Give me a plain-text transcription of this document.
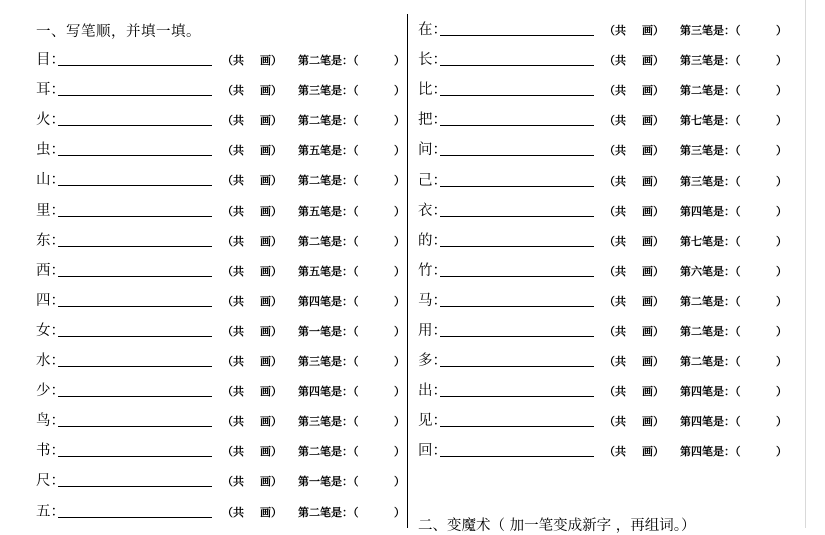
一、写笔顺，并填一填。
目：	（共 画） 第二笔是：（	）
耳：	（共 画） 第三笔是：（	）
火：	（共 画） 第二笔是：（	）
虫：	（共 画） 第五笔是：（	）
山：	（共 画） 第二笔是：（	）
里：	（共 画） 第五笔是：（	）
东：	（共 画） 第二笔是：（	）
西：	（共 画） 第五笔是：（	）
四：	（共 画） 第四笔是：（	）
女：	（共 画） 第一笔是：（	）
水：	（共 画） 第三笔是：（	）
少：	（共 画） 第四笔是：（	）
鸟：	（共 画） 第三笔是：（	）
书：	（共 画） 第二笔是：（	）
尺：	（共 画） 第一笔是：（	）
五：	（共 画） 第二笔是：（	）
在：	（共 画） 第三笔是：（	）
长：	（共 画） 第三笔是：（	）
比：	（共 画） 第二笔是：（	）
把：	（共 画） 第七笔是：（	）
问：	（共 画） 第三笔是：（	）
己：	（共 画） 第三笔是：（	）
衣：	（共 画） 第四笔是：（	）
的：	（共 画） 第七笔是：（	）
竹：	（共 画） 第六笔是：（	）
马：	（共 画） 第二笔是：（	）
用：	（共 画） 第二笔是：（	）
多：	（共 画） 第二笔是：（	）
出：	（共 画） 第四笔是：（	）
见：	（共 画） 第四笔是：（	）
回：	（共 画） 第四笔是：（	）
二、变魔术（ 加一笔变成新字 ，再组词。）
